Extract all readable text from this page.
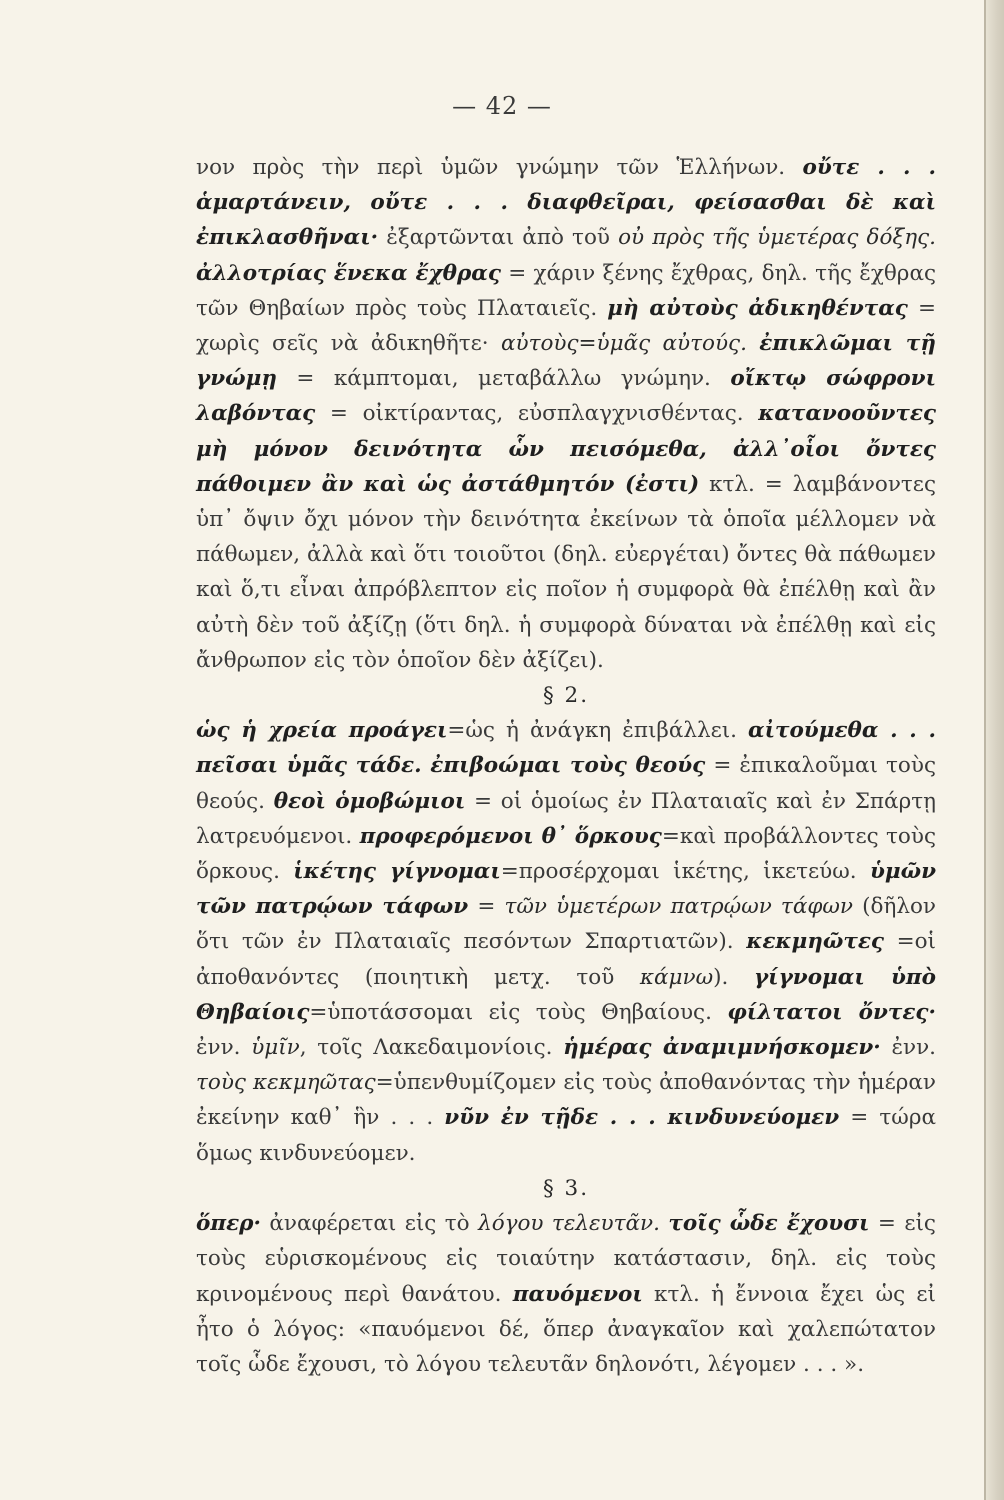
— 42 —

νον πρὸς τὴν περὶ ὑμῶν γνώμην τῶν Ἑλλήνων. οὔτε . . . ἁμαρτάνειν, οὔτε . . . διαφθεῖραι, φείσασθαι δὲ καὶ ἐπικλασθῆναι· ἐξαρτῶνται ἀπὸ τοῦ οὐ πρὸς τῆς ὑμετέρας δόξης. ἀλλοτρίας ἕνεκα ἔχθρας = χάριν ξένης ἔχθρας, δηλ. τῆς ἔχθρας τῶν Θηβαίων πρὸς τοὺς Πλαταιεῖς. μὴ αὐτοὺς ἀδικηθέντας = χωρὶς σεῖς νὰ ἀδικηθῆτε· αὐτοὺς=ὑμᾶς αὐτούς. ἐπικλῶμαι τῇ γνώμῃ = κάμπτομαι, μεταβάλλω γνώμην. οἴκτῳ σώφρονι λαβόντας = οἰκτίραντας, εὐσπλαγχνισθέντας. κατανοοῦντες μὴ μόνον δεινότητα ὧν πεισόμεθα, ἀλλ᾽οἷοι ὄντες πάθοιμεν ἂν καὶ ὡς ἀστάθμητόν (ἐστι) κτλ. = λαμβάνοντες ὑπ᾽ ὄψιν ὄχι μόνον τὴν δεινότητα ἐκείνων τὰ ὁποῖα μέλλομεν νὰ πάθωμεν, ἀλλὰ καὶ ὅτι τοιοῦτοι (δηλ. εὐεργέται) ὄντες θὰ πάθωμεν καὶ ὅ,τι εἶναι ἀπρόβλεπτον εἰς ποῖον ἡ συμφορὰ θὰ ἐπέλθῃ καὶ ἂν αὐτὴ δὲν τοῦ ἀξίζῃ (ὅτι δηλ. ἡ συμφορὰ δύναται νὰ ἐπέλθῃ καὶ εἰς ἄνθρωπον εἰς τὸν ὁποῖον δὲν ἀξίζει).

§ 2.

ὡς ἡ χρεία προάγει=ὡς ἡ ἀνάγκη ἐπιβάλλει. αἰτούμεθα . . . πεῖσαι ὑμᾶς τάδε. ἐπιβοώμαι τοὺς θεούς = ἐπικαλοῦμαι τοὺς θεούς. θεοὶ ὁμοβώμιοι = οἱ ὁμοίως ἐν Πλαταιαῖς καὶ ἐν Σπάρτῃ λατρευόμενοι. προφερόμενοι θ᾽ ὅρκους=καὶ προβάλλοντες τοὺς ὅρκους. ἱκέτης γίγνομαι=προσέρχομαι ἱκέτης, ἱκετεύω. ὑμῶν τῶν πατρῴων τάφων = τῶν ὑμετέρων πατρῴων τάφων (δῆλον ὅτι τῶν ἐν Πλαταιαῖς πεσόντων Σπαρτιατῶν). κεκμηῶτες =οἱ ἀποθανόντες (ποιητικὴ μετχ. τοῦ κάμνω). γίγνομαι ὑπὸ Θηβαίοις=ὑποτάσσομαι εἰς τοὺς Θηβαίους. φίλτατοι ὄντες· ἐνν. ὑμῖν, τοῖς Λακεδαιμονίοις. ἡμέρας ἀναμιμνήσκομεν· ἐνν. τοὺς κεκμηῶτας=ὑπενθυμίζομεν εἰς τοὺς ἀποθανόντας τὴν ἡμέραν ἐκείνην καθ᾽ ἣν . . . νῦν ἐν τῇδε . . . κινδυνεύομεν = τώρα ὅμως κινδυνεύομεν.

§ 3.

ὅπερ· ἀναφέρεται εἰς τὸ λόγου τελευτᾶν. τοῖς ὧδε ἔχουσι = εἰς τοὺς εὑρισκομένους εἰς τοιαύτην κατάστασιν, δηλ. εἰς τοὺς κρινομένους περὶ θανάτου. παυόμενοι κτλ. ἡ ἔννοια ἔχει ὡς εἰ ἦτο ὁ λόγος: «παυόμενοι δέ, ὅπερ ἀναγκαῖον καὶ χαλεπώτατον τοῖς ὧδε ἔχουσι, τὸ λόγου τελευτᾶν δηλονότι, λέγομεν . . . ».
